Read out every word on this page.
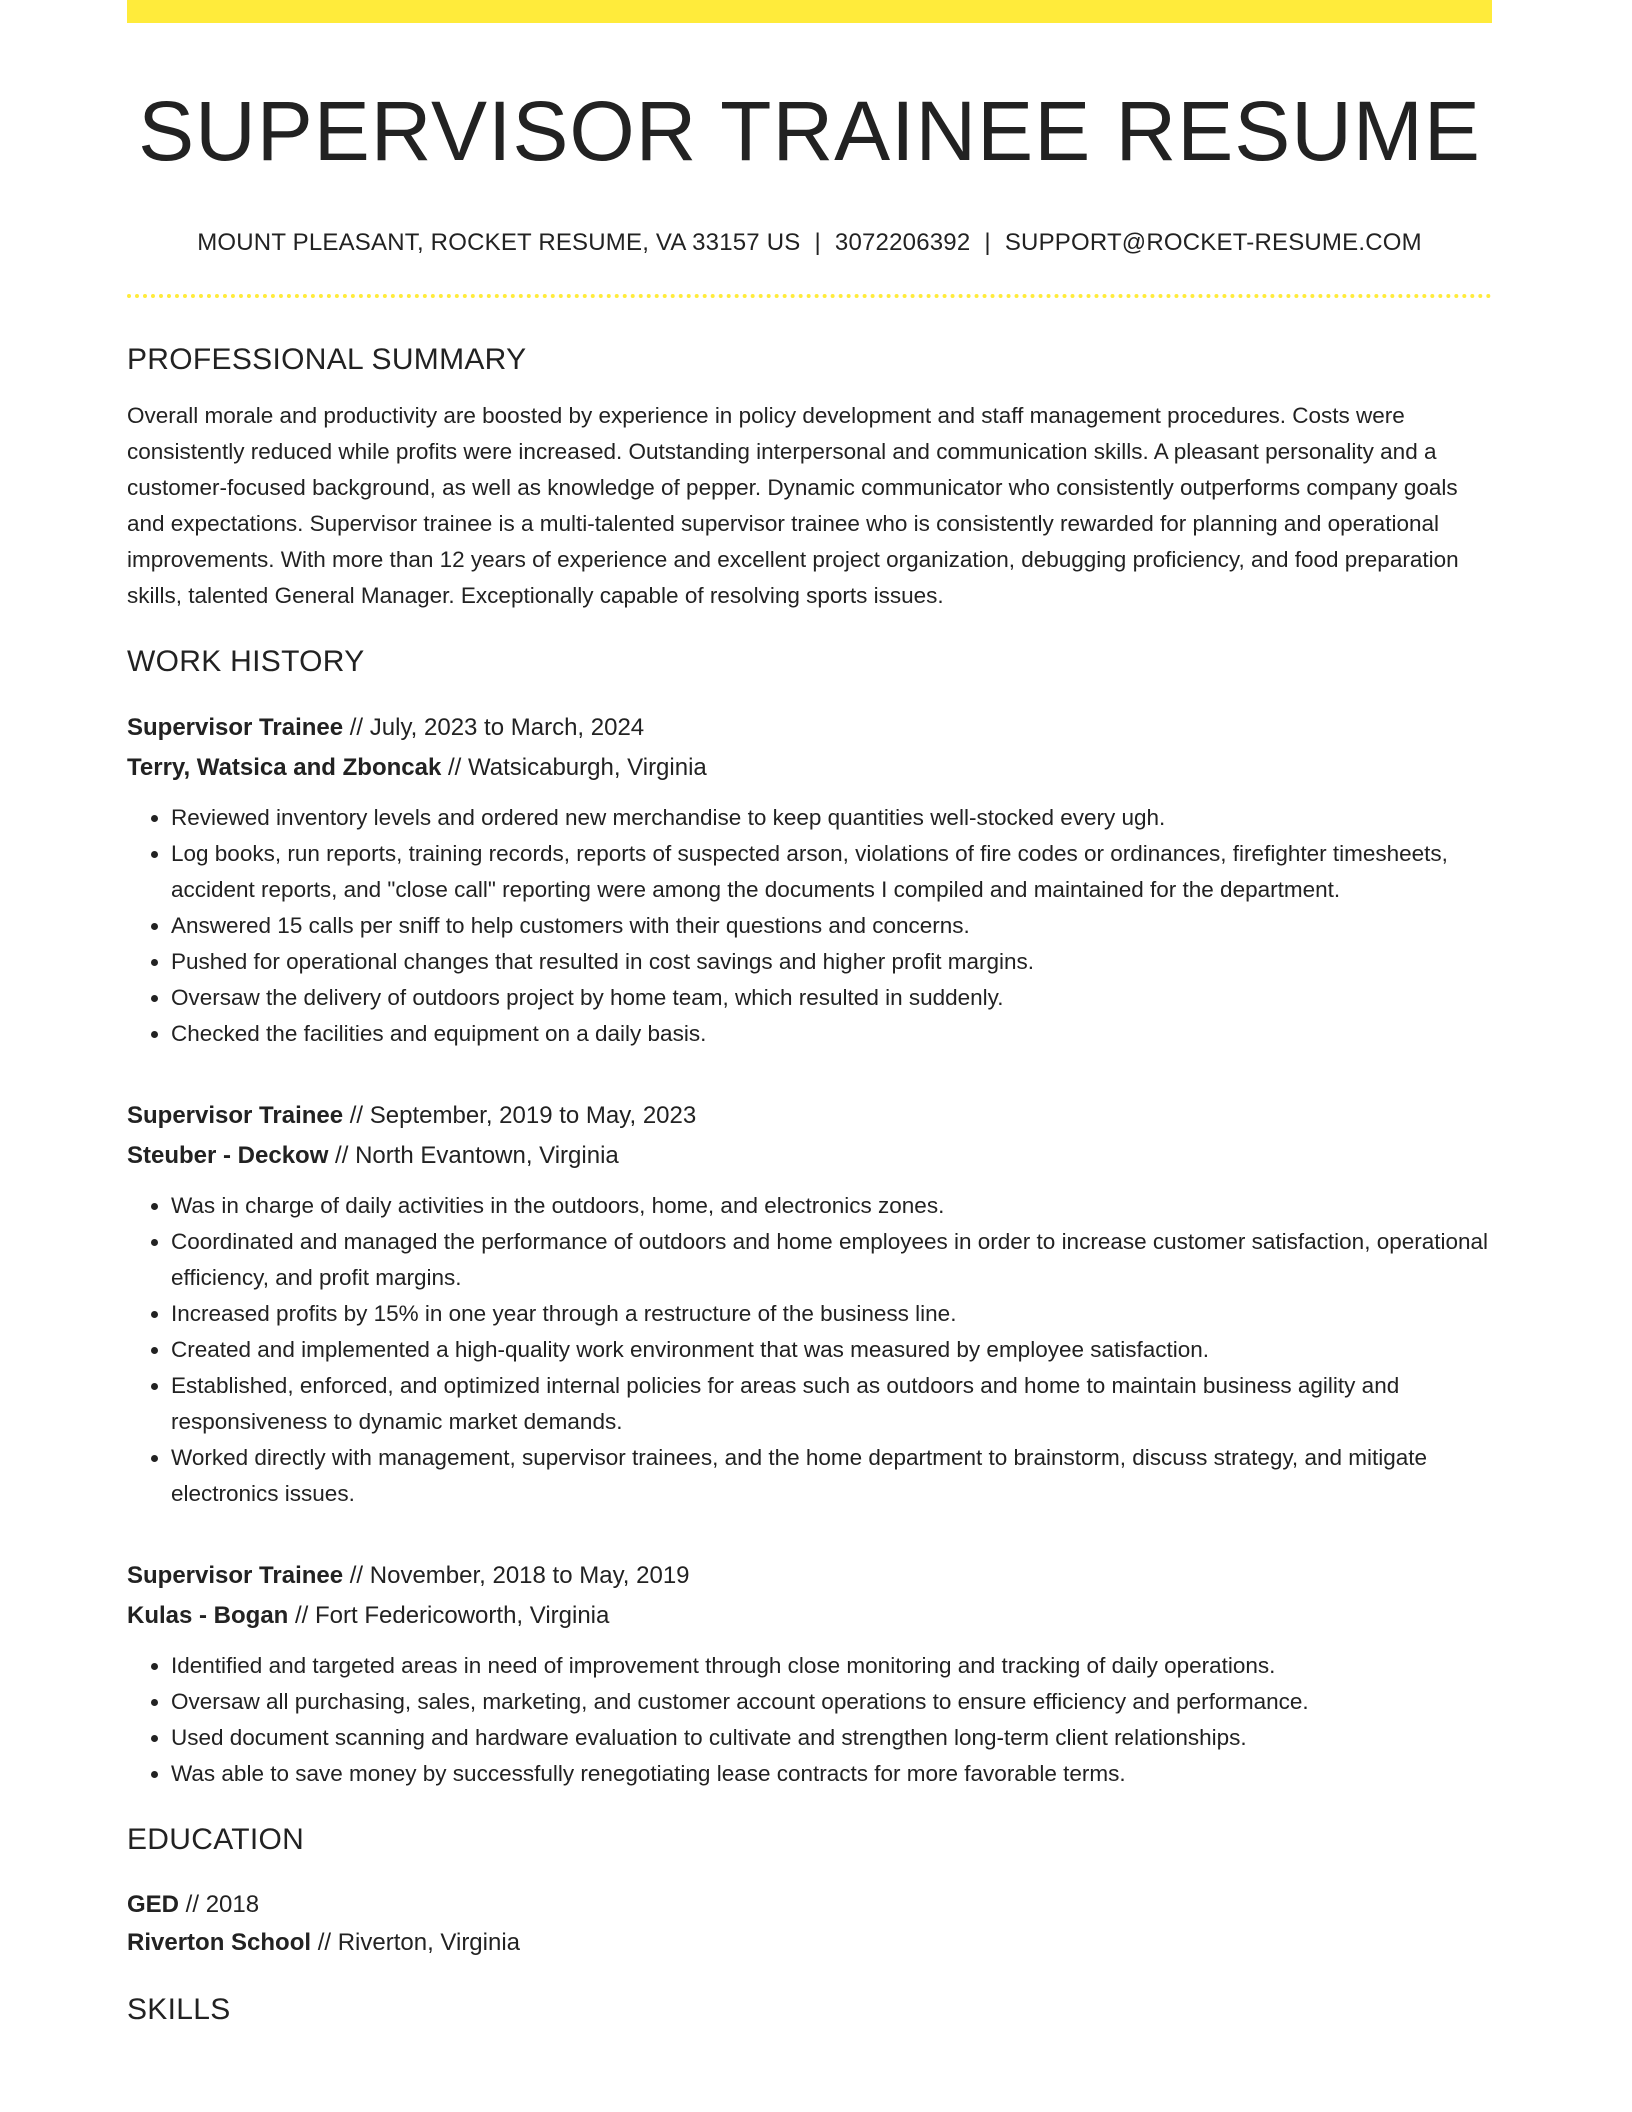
SUPERVISOR TRAINEE RESUME
MOUNT PLEASANT, ROCKET RESUME, VA 33157 US | 3072206392 | SUPPORT@ROCKET-RESUME.COM
PROFESSIONAL SUMMARY
Overall morale and productivity are boosted by experience in policy development and staff management procedures. Costs were consistently reduced while profits were increased. Outstanding interpersonal and communication skills. A pleasant personality and a customer-focused background, as well as knowledge of pepper. Dynamic communicator who consistently outperforms company goals and expectations. Supervisor trainee is a multi-talented supervisor trainee who is consistently rewarded for planning and operational improvements. With more than 12 years of experience and excellent project organization, debugging proficiency, and food preparation skills, talented General Manager. Exceptionally capable of resolving sports issues.
WORK HISTORY
Supervisor Trainee // July, 2023 to March, 2024
Terry, Watsica and Zboncak // Watsicaburgh, Virginia
• Reviewed inventory levels and ordered new merchandise to keep quantities well-stocked every ugh.
• Log books, run reports, training records, reports of suspected arson, violations of fire codes or ordinances, firefighter timesheets, accident reports, and "close call" reporting were among the documents I compiled and maintained for the department.
• Answered 15 calls per sniff to help customers with their questions and concerns.
• Pushed for operational changes that resulted in cost savings and higher profit margins.
• Oversaw the delivery of outdoors project by home team, which resulted in suddenly.
• Checked the facilities and equipment on a daily basis.
Supervisor Trainee // September, 2019 to May, 2023
Steuber - Deckow // North Evantown, Virginia
• Was in charge of daily activities in the outdoors, home, and electronics zones.
• Coordinated and managed the performance of outdoors and home employees in order to increase customer satisfaction, operational efficiency, and profit margins.
• Increased profits by 15% in one year through a restructure of the business line.
• Created and implemented a high-quality work environment that was measured by employee satisfaction.
• Established, enforced, and optimized internal policies for areas such as outdoors and home to maintain business agility and responsiveness to dynamic market demands.
• Worked directly with management, supervisor trainees, and the home department to brainstorm, discuss strategy, and mitigate electronics issues.
Supervisor Trainee // November, 2018 to May, 2019
Kulas - Bogan // Fort Federicoworth, Virginia
• Identified and targeted areas in need of improvement through close monitoring and tracking of daily operations.
• Oversaw all purchasing, sales, marketing, and customer account operations to ensure efficiency and performance.
• Used document scanning and hardware evaluation to cultivate and strengthen long-term client relationships.
• Was able to save money by successfully renegotiating lease contracts for more favorable terms.
EDUCATION
GED // 2018
Riverton School // Riverton, Virginia
SKILLS
